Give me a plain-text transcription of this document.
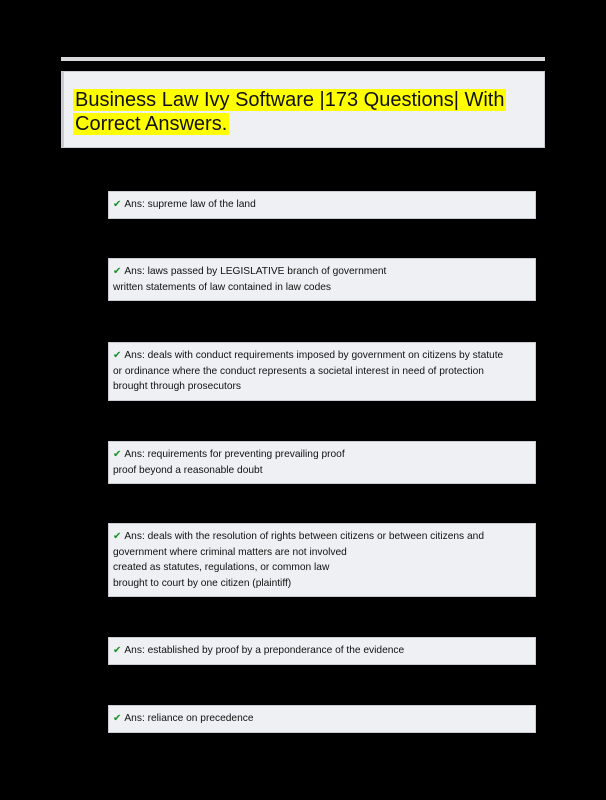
Business Law Ivy Software |173 Questions| With Correct Answers.
✔ Ans: supreme law of the land
✔ Ans: laws passed by LEGISLATIVE branch of government
written statements of law contained in law codes
✔ Ans: deals with conduct requirements imposed by government on citizens by statute
or ordinance where the conduct represents a societal interest in need of protection
brought through prosecutors
✔ Ans: requirements for preventing prevailing proof
proof beyond a reasonable doubt
✔ Ans: deals with the resolution of rights between citizens or between citizens and
government where criminal matters are not involved
created as statutes, regulations, or common law
brought to court by one citizen (plaintiff)
✔ Ans: established by proof by a preponderance of the evidence
✔ Ans: reliance on precedence
